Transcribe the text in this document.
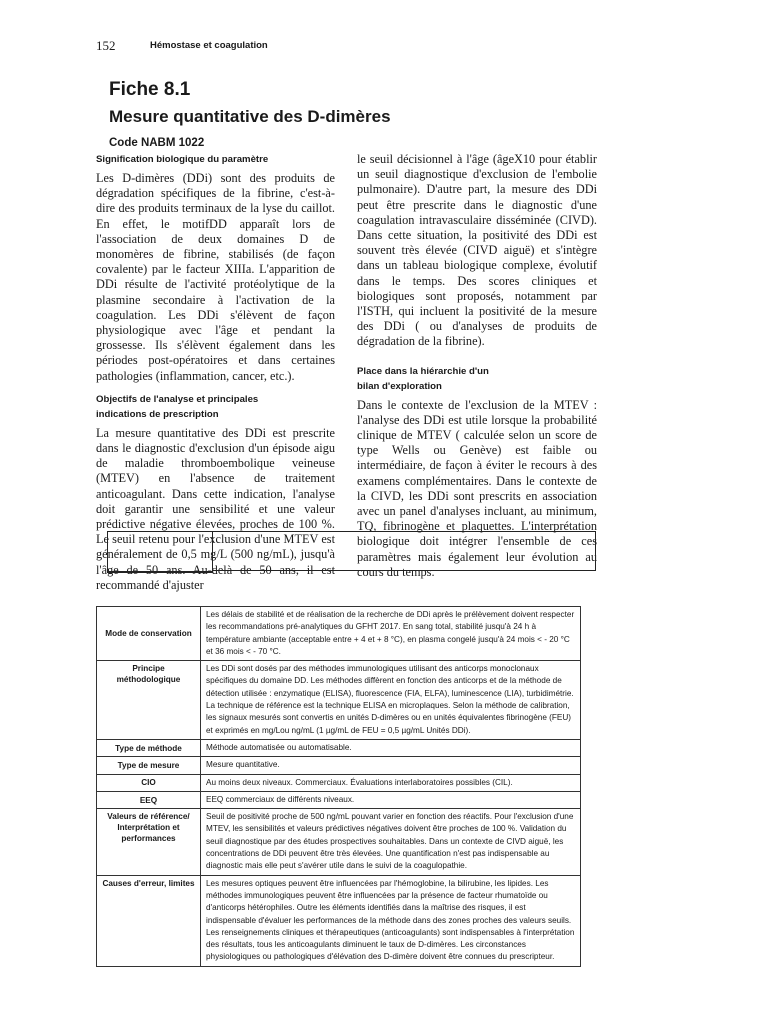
152	Hémostase et coagulation
Fiche 8.1
Mesure quantitative des D-dimères
Code NABM 1022

Signification biologique du paramètre

Les D-dimères (DDi) sont des produits de dégradation spécifiques de la fibrine, c'est-à-dire des produits terminaux de la lyse du caillot. En effet, le motifDD apparaît lors de l'association de deux domaines D de monomères de fibrine, stabilisés (de façon covalente) par le facteur XIIIa. L'apparition de DDi résulte de l'activité protéolytique de la plasmine secondaire à l'activation de la coagulation. Les DDi s'élèvent de façon physiologique avec l'âge et pendant la grossesse. Ils s'élèvent également dans les périodes post-opératoires et dans certaines pathologies (inflammation, cancer, etc.).

Objectifs de l'analyse et principales
indications de prescription

La mesure quantitative des DDi est prescrite dans le diagnostic d'exclusion d'un épisode aigu de maladie thromboembolique veineuse (MTEV) en l'absence de traitement anticoagulant. Dans cette indication, l'analyse doit garantir une sensibilité et une valeur prédictive négative élevées, proches de 100 %. Le seuil retenu pour l'exclusion d'une MTEV est généralement de 0,5 mg/L (500 ng/mL), jusqu'à l'âge de 50 ans. Au-delà de 50 ans, il est recommandé d'ajuster

le seuil décisionnel à l'âge (âgeX10 pour établir un seuil diagnostique d'exclusion de l'embolie pulmonaire). D'autre part, la mesure des DDi peut être prescrite dans le diagnostic d'une coagulation intravasculaire disséminée (CIVD). Dans cette situation, la positivité des DDi est souvent très élevée (CIVD aiguë) et s'intègre dans un tableau biologique complexe, évolutif dans le temps. Des scores cliniques et biologiques sont proposés, notamment par l'ISTH, qui incluent la positivité de la mesure des DDi ( ou d'analyses de produits de dégradation de la fibrine).

Place dans la hiérarchie d'un
bilan d'exploration

Dans le contexte de l'exclusion de la MTEV : l'analyse des DDi est utile lorsque la probabilité clinique de MTEV ( calculée selon un score de type Wells ou Genève) est faible ou intermédiaire, de façon à éviter le recours à des examens complémentaires. Dans le contexte de la CIVD, les DDi sont prescrits en association avec un panel d'analyses incluant, au minimum, TQ, fibrinogène et plaquettes. L'interprétation biologique doit intégrer l'ensemble de ces paramètres mais également leur évolution au cours du temps.

Mode de conservation	Les délais de stabilité et de réalisation de la recherche de DDi après le prélèvement doivent respecter les recommandations pré-analytiques du GFHT 2017. En sang total, stabilité jusqu'à 24 h à température ambiante (acceptable entre + 4 et + 8 °C), en plasma congelé jusqu'à 24 mois < - 20 °C et 36 mois < - 70 °C.
Principe méthodologique	Les DDi sont dosés par des méthodes immunologiques utilisant des anticorps monoclonaux spécifiques du domaine DD. Les méthodes diffèrent en fonction des anticorps et de la méthode de détection utilisée : enzymatique (ELISA), fluorescence (FIA, ELFA), luminescence (LIA), turbidimétrie. La technique de référence est la technique ELISA en microplaques. Selon la méthode de calibration, les signaux mesurés sont convertis en unités D-dimères ou en unités équivalentes fibrinogène (FEU) et exprimés en mg/Lou ng/mL (1 µg/mL de FEU = 0,5 µg/mL Unités DDi).
Type de méthode	Méthode automatisée ou automatisable.
Type de mesure	Mesure quantitative.
CIO	Au moins deux niveaux. Commerciaux. Évaluations interlaboratoires possibles (CIL).
EEQ	EEQ commerciaux de différents niveaux.
Valeurs de référence/ Interprétation et performances	Seuil de positivité proche de 500 ng/mL pouvant varier en fonction des réactifs. Pour l'exclusion d'une MTEV, les sensibilités et valeurs prédictives négatives doivent être proches de 100 %. Validation du seuil diagnostique par des études prospectives souhaitables. Dans un contexte de CIVD aiguë, les concentrations de DDi peuvent être très élevées. Une quantification n'est pas indispensable au diagnostic mais elle peut s'avérer utile dans le suivi de la coagulopathie.
Causes d'erreur, limites	Les mesures optiques peuvent être influencées par l'hémoglobine, la bilirubine, les lipides. Les méthodes immunologiques peuvent être influencées par la présence de facteur rhumatoïde ou d'anticorps hétérophiles. Outre les éléments identifiés dans la maîtrise des risques, il est indispensable d'évaluer les performances de la méthode dans des zones proches des valeurs seuils. Les renseignements cliniques et thérapeutiques (anticoagulants) sont indispensables à l'interprétation des résultats, tous les anticoagulants diminuent le taux de D-dimères. Les circonstances physiologiques ou pathologiques d'élévation des D-dimère doivent être connues du prescripteur.
